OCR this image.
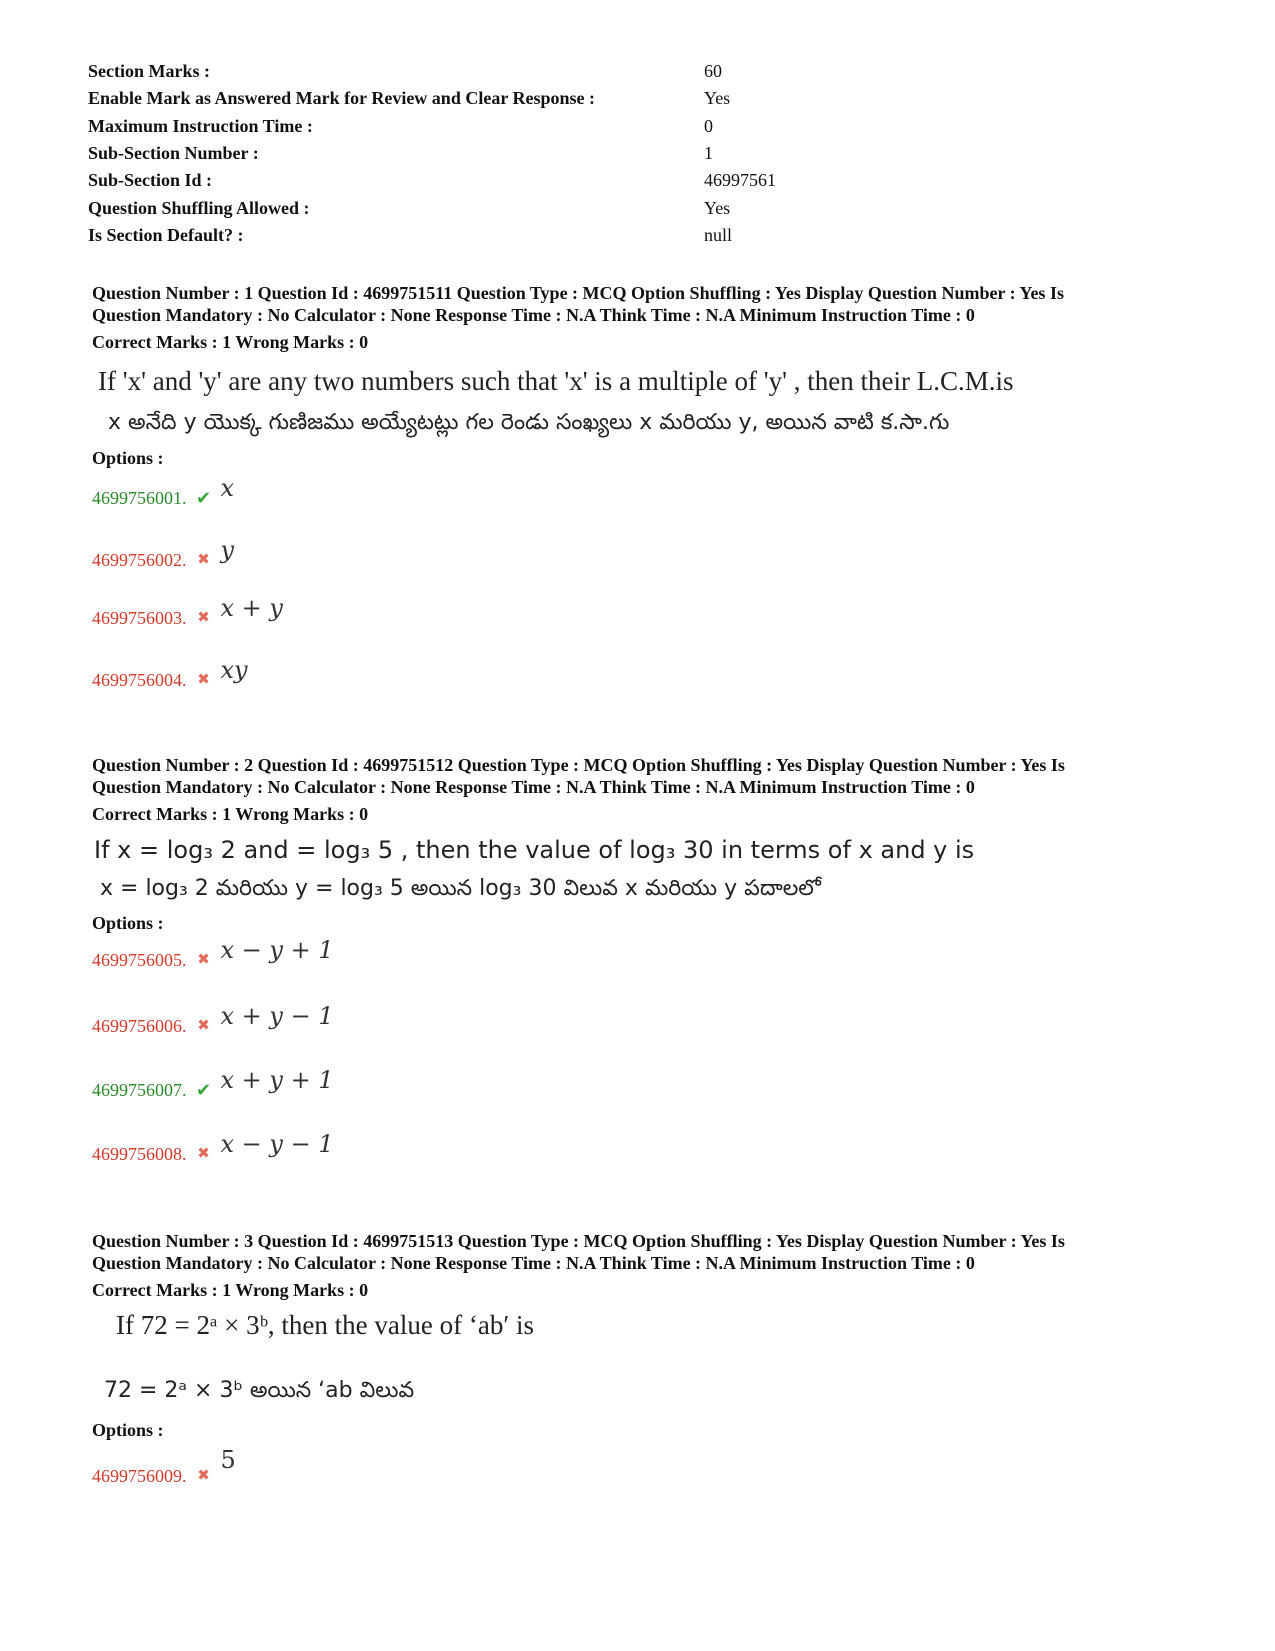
Section Marks :	60
Enable Mark as Answered Mark for Review and Clear Response :	Yes
Maximum Instruction Time :	0
Sub-Section Number :	1
Sub-Section Id :	46997561
Question Shuffling Allowed :	Yes
Is Section Default? :	null
Question Number : 1 Question Id : 4699751511 Question Type : MCQ Option Shuffling : Yes Display Question Number : Yes Is
Question Mandatory : No Calculator : None Response Time : N.A Think Time : N.A Minimum Instruction Time : 0
Correct Marks : 1 Wrong Marks : 0
If 'x' and 'y' are any two numbers such that 'x' is a multiple of 'y' , then their L.C.M.is
x అనేది y యొక్క గుణిజము అయ్యేటట్లు గల రెండు సంఖ్యలు x మరియు y, అయిన వాటి క.సా.గు
Options :
4699756001. ✔ x
4699756002. ✖ y
4699756003. ✖ x + y
4699756004. ✖ xy
Question Number : 2 Question Id : 4699751512 Question Type : MCQ Option Shuffling : Yes Display Question Number : Yes Is
Question Mandatory : No Calculator : None Response Time : N.A Think Time : N.A Minimum Instruction Time : 0
Correct Marks : 1 Wrong Marks : 0
If x = log₃ 2 and = log₃ 5 , then the value of log₃ 30 in terms of x and y is
x = log₃ 2 మరియు y = log₃ 5 అయిన log₃ 30 విలువ x మరియు y పదాలలో
Options :
4699756005. ✖ x − y + 1
4699756006. ✖ x + y − 1
4699756007. ✔ x + y + 1
4699756008. ✖ x − y − 1
Question Number : 3 Question Id : 4699751513 Question Type : MCQ Option Shuffling : Yes Display Question Number : Yes Is
Question Mandatory : No Calculator : None Response Time : N.A Think Time : N.A Minimum Instruction Time : 0
Correct Marks : 1 Wrong Marks : 0
If 72 = 2ᵃ × 3ᵇ, then the value of ‘ab′ is
72 = 2ᵃ × 3ᵇ అయిన ‘ab విలువ
Options :
4699756009. ✖
5
